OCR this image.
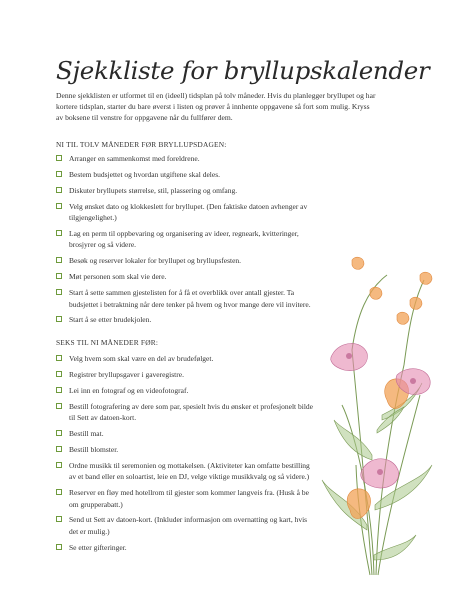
Sjekkliste for bryllupskalender

Denne sjekklisten er utformet til en (ideell) tidsplan på tolv måneder. Hvis du planlegger bryllupet og har kortere tidsplan, starter du bare øverst i listen og prøver å innhente oppgavene så fort som mulig. Kryss av boksene til venstre for oppgavene når du fullfører dem.

NI TIL TOLV MÅNEDER FØR BRYLLUPSDAGEN:
Arranger en sammenkomst med foreldrene.
Bestem budsjettet og hvordan utgiftene skal deles.
Diskuter bryllupets størrelse, stil, plassering og omfang.
Velg ønsket dato og klokkeslett for bryllupet. (Den faktiske datoen avhenger av tilgjengelighet.)
Lag en perm til oppbevaring og organisering av ideer, regneark, kvitteringer, brosjyrer og så videre.
Besøk og reserver lokaler for bryllupet og bryllupsfesten.
Møt personen som skal vie dere.
Start å sette sammen gjestelisten for å få et overblikk over antall gjester. Ta budsjettet i betraktning når dere tenker på hvem og hvor mange dere vil invitere.
Start å se etter brudekjolen.
SEKS TIL NI MÅNEDER FØR:
Velg hvem som skal være en del av brudefølget.
Registrer bryllupsgaver i gaveregistre.
Lei inn en fotograf og en videofotograf.
Bestill fotografering av dere som par, spesielt hvis du ønsker et profesjonelt bilde til Sett av datoen-kort.
Bestill mat.
Bestill blomster.
Ordne musikk til seremonien og mottakelsen. (Aktiviteter kan omfatte bestilling av et band eller en soloartist, leie en DJ, velge viktige musikkvalg og så videre.)
Reserver en fløy med hotellrom til gjester som kommer langveis fra. (Husk å be om grupperabatt.)
Send ut Sett av datoen-kort. (Inkluder informasjon om overnatting og kart, hvis det er mulig.)
Se etter gifteringer.
